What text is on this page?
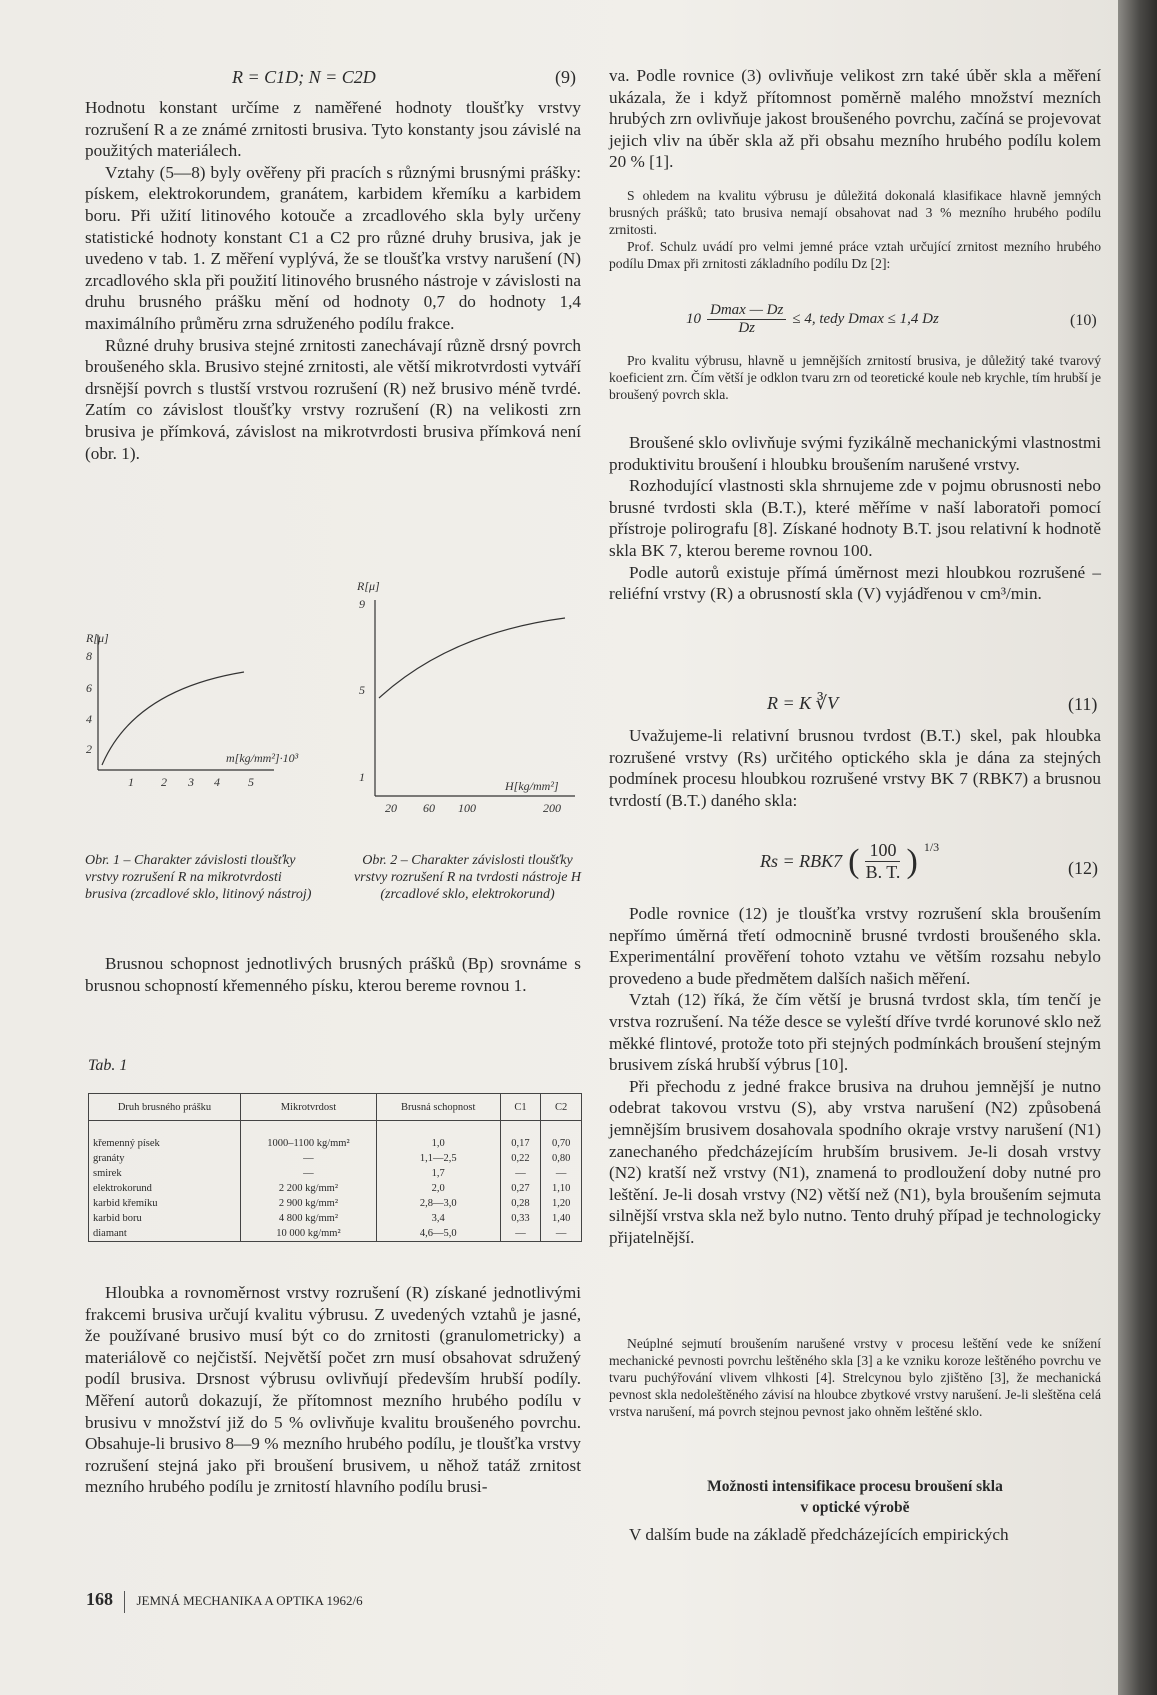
R = C1D; N = C2D	(9)

Hodnotu konstant určíme z naměřené hodnoty tloušťky vrstvy rozrušení R a ze známé zrnitosti brusiva. Tyto konstanty jsou závislé na použitých materiálech.

Vztahy (5—8) byly ověřeny při pracích s různými brusnými prášky: pískem, elektrokorundem, granátem, karbidem křemíku a karbidem boru. Při užití litinového kotouče a zrcadlového skla byly určeny statistické hodnoty konstant C1 a C2 pro různé druhy brusiva, jak je uvedeno v tab. 1. Z měření vyplývá, že se tloušťka vrstvy narušení (N) zrcadlového skla při použití litinového brusného nástroje v závislosti na druhu brusného prášku mění od hodnoty 0,7 do hodnoty 1,4 maximálního průměru zrna sdruženého podílu frakce.

Různé druhy brusiva stejné zrnitosti zanechávají různě drsný povrch broušeného skla. Brusivo stejné zrnitosti, ale větší mikrotvrdosti vytváří drsnější povrch s tlustší vrstvou rozrušení (R) než brusivo méně tvrdé. Zatím co závislost tloušťky vrstvy rozrušení (R) na velikosti zrn brusiva je přímková, závislost na mikrotvrdosti brusiva přímková není (obr. 1).

R[μ]
8
6
4
2
m[kg/mm²]·10³
1 2 3 4 5
R[μ]
9
5
1
H[kg/mm²]
20 60 100	200
Obr. 1 – Charakter závislosti tloušťky vrstvy rozrušení R na mikrotvrdosti brusiva (zrcadlové sklo, litinový nástroj)
Obr. 2 – Charakter závislosti tloušťky vrstvy rozrušení R na tvrdosti nástroje H (zrcadlové sklo, elektrokorund)

Brusnou schopnost jednotlivých brusných prášků (Bp) srovnáme s brusnou schopností křemenného písku, kterou bereme rovnou 1.

Tab. 1
Druh brusného prášku	Mikrotvrdost	Brusná schopnost	C1	C2

křemenný písek	1000–1100 kg/mm²	1,0	0,17	0,70
granáty	—	1,1—2,5	0,22	0,80
smirek	—	1,7	—	—
elektrokorund	2 200 kg/mm²	2,0	0,27	1,10
karbid křemíku	2 900 kg/mm²	2,8—3,0	0,28	1,20
karbid boru	4 800 kg/mm²	3,4	0,33	1,40
diamant	10 000 kg/mm²	4,6—5,0	—	—

Hloubka a rovnoměrnost vrstvy rozrušení (R) získané jednotlivými frakcemi brusiva určují kvalitu výbrusu. Z uvedených vztahů je jasné, že používané brusivo musí být co do zrnitosti (granulometricky) a materiálově co nejčistší. Největší počet zrn musí obsahovat sdružený podíl brusiva. Drsnost výbrusu ovlivňují především hrubší podíly. Měření autorů dokazují, že přítomnost mezního hrubého podílu v brusivu v množství již do 5 % ovlivňuje kvalitu broušeného povrchu. Obsahuje-li brusivo 8—9 % mezního hrubého podílu, je tloušťka vrstvy rozrušení stejná jako při broušení brusivem, u něhož tatáž zrnitost mezního hrubého podílu je zrnitostí hlavního podílu brusi-

168 JEMNÁ MECHANIKA A OPTIKA 1962/6

va. Podle rovnice (3) ovlivňuje velikost zrn také úběr skla a měření ukázala, že i když přítomnost poměrně malého množství mezních hrubých zrn ovlivňuje jakost broušeného povrchu, začíná se projevovat jejich vliv na úběr skla až při obsahu mezního hrubého podílu kolem 20 % [1].

S ohledem na kvalitu výbrusu je důležitá dokonalá klasifikace hlavně jemných brusných prášků; tato brusiva nemají obsahovat nad 3 % mezního hrubého podílu zrnitosti.

Prof. Schulz uvádí pro velmi jemné práce vztah určující zrnitost mezního hrubého podílu Dmax při zrnitosti základního podílu Dz [2]:

10
Dmax — Dz
Dz
≤ 4, tedy Dmax ≤ 1,4 Dz	(10)

Pro kvalitu výbrusu, hlavně u jemnějších zrnitostí brusiva, je důležitý také tvarový koeficient zrn. Čím větší je odklon tvaru zrn od teoretické koule neb krychle, tím hrubší je broušený povrch skla.

Broušené sklo ovlivňuje svými fyzikálně mechanickými vlastnostmi produktivitu broušení i hloubku broušením narušené vrstvy.

Rozhodující vlastnosti skla shrnujeme zde v pojmu obrusnosti nebo brusné tvrdosti skla (B.T.), které měříme v naší laboratoři pomocí přístroje polirografu [8]. Získané hodnoty B.T. jsou relativní k hodnotě skla BK 7, kterou bereme rovnou 100.

Podle autorů existuje přímá úměrnost mezi hloubkou rozrušené – reliéfní vrstvy (R) a obrusností skla (V) vyjádřenou v cm³/min.

R = K ∛V	(11)

Uvažujeme-li relativní brusnou tvrdost (B.T.) skel, pak hloubka rozrušené vrstvy (Rs) určitého optického skla je dána za stejných podmínek procesu hloubkou rozrušené vrstvy BK 7 (RBK7) a brusnou tvrdostí (B.T.) daného skla:

Rs = RBK7 ( 100
B. T. ) 1/3
(12)

Podle rovnice (12) je tloušťka vrstvy rozrušení skla broušením nepřímo úměrná třetí odmocnině brusné tvrdosti broušeného skla. Experimentální prověření tohoto vztahu ve větším rozsahu nebylo provedeno a bude předmětem dalších našich měření.

Vztah (12) říká, že čím větší je brusná tvrdost skla, tím tenčí je vrstva rozrušení. Na téže desce se vyleští dříve tvrdé korunové sklo než měkké flintové, protože toto při stejných podmínkách broušení stejným brusivem získá hrubší výbrus [10].

Při přechodu z jedné frakce brusiva na druhou jemnější je nutno odebrat takovou vrstvu (S), aby vrstva narušení (N2) způsobená jemnějším brusivem dosahovala spodního okraje vrstvy narušení (N1) zanechaného předcházejícím hrubším brusivem. Je-li dosah vrstvy (N2) kratší než vrstvy (N1), znamená to prodloužení doby nutné pro leštění. Je-li dosah vrstvy (N2) větší než (N1), byla broušením sejmuta silnější vrstva skla než bylo nutno. Tento druhý případ je technologicky přijatelnější.

Neúplné sejmutí broušením narušené vrstvy v procesu leštění vede ke snížení mechanické pevnosti povrchu leštěného skla [3] a ke vzniku koroze leštěného povrchu ve tvaru puchýřování vlivem vlhkosti [4]. Strelcynou bylo zjištěno [3], že mechanická pevnost skla nedoleštěného závisí na hloubce zbytkové vrstvy narušení. Je-li sleštěna celá vrstva narušení, má povrch stejnou pevnost jako ohněm leštěné sklo.

Možnosti intensifikace procesu broušení skla
v optické výrobě

V dalším bude na základě předcházejících empirických
